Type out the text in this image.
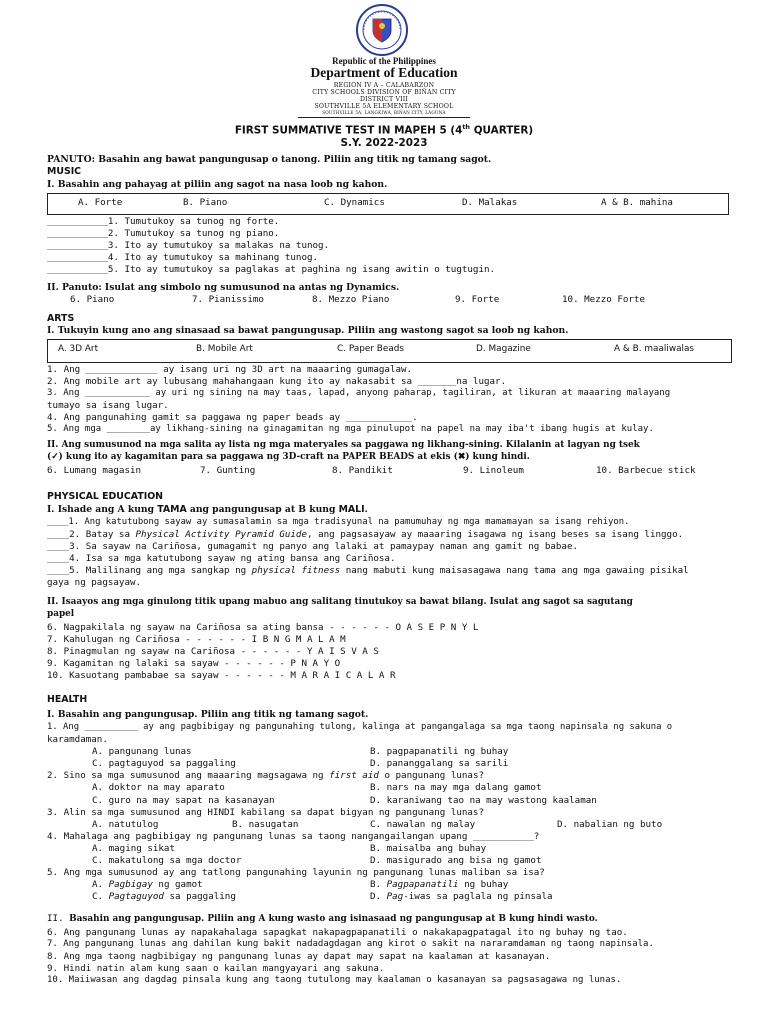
Republic of the Philippines
Department of Education
REGION IV A – CALABARZON
CITY SCHOOLS DIVISION OF BIÑAN CITY
DISTRICT VIII
SOUTHVILLE 5A ELEMENTARY SCHOOL
SOUTHVILLE 5A, LANGKIWA, BIÑAN CITY, LAGUNA
FIRST SUMMATIVE TEST IN MAPEH 5 (4th QUARTER)
S.Y. 2022-2023
PANUTO: Basahin ang bawat pangungusap o tanong. Piliin ang titik ng tamang sagot.
MUSIC
I. Basahin ang pahayag at piliin ang sagot na nasa loob ng kahon.
A. Forte	B. Piano	C. Dynamics	D. Malakas	A & B. mahina
___________1. Tumutukoy sa tunog ng forte.
___________2. Tumutukoy sa tunog ng piano.
___________3. Ito ay tumutukoy sa malakas na tunog.
___________4. Ito ay tumutukoy sa mahinang tunog.
___________5. Ito ay tumutukoy sa paglakas at paghina ng isang awitin o tugtugin.
II. Panuto: Isulat ang simbolo ng sumusunod na antas ng Dynamics.
6. Piano	7. Pianissimo	8. Mezzo Piano	9. Forte	10. Mezzo Forte
ARTS
I. Tukuyin kung ano ang sinasaad sa bawat pangungusap. Piliin ang wastong sagot sa loob ng kahon.
A. 3D Art	B. Mobile Art	C. Paper Beads	D. Magazine	A & B. maaliwalas
1. Ang _____________ ay isang uri ng 3D art na maaaring gumagalaw.
2. Ang mobile art ay lubusang mahahangaan kung ito ay nakasabit sa _______na lugar.
3. Ang ____________ ay uri ng sining na may taas, lapad, anyong paharap, tagiliran, at likuran at maaaring malayang
tumayo sa isang lugar.
4. Ang pangunahing gamit sa paggawa ng paper beads ay ____________.
5. Ang mga ________ay likhang-sining na ginagamitan ng mga pinulupot na papel na may iba't ibang hugis at kulay.
II. Ang sumusunod na mga salita ay lista ng mga materyales sa paggawa ng likhang-sining. Kilalanin at lagyan ng tsek
(✓) kung ito ay kagamitan para sa paggawa ng 3D-craft na PAPER BEADS at ekis (✖) kung hindi.
6. Lumang magasin	7. Gunting	8. Pandikit	9. Linoleum	10. Barbecue stick
PHYSICAL EDUCATION
I. Ishade ang A kung TAMA ang pangungusap at B kung MALI.
____1. Ang katutubong sayaw ay sumasalamin sa mga tradisyunal na pamumuhay ng mga mamamayan sa isang rehiyon.
____2. Batay sa Physical Activity Pyramid Guide, ang pagsasayaw ay maaaring isagawa ng isang beses sa isang linggo.
____3. Sa sayaw na Cariñosa, gumagamit ng panyo ang lalaki at pamaypay naman ang gamit ng babae.
____4. Isa sa mga katutubong sayaw ng ating bansa ang Cariñosa.
____5. Malilinang ang mga sangkap ng physical fitness nang mabuti kung maisasagawa nang tama ang mga gawaing pisikal
gaya ng pagsayaw.
II. Isaayos ang mga ginulong titik upang mabuo ang salitang tinutukoy sa bawat bilang. Isulat ang sagot sa sagutang
papel
6. Nagpakilala ng sayaw na Cariñosa sa ating bansa - - - - - - O A S E P N Y L
7. Kahulugan ng Cariñosa - - - - - - I B N G M A L A M
8. Pinagmulan ng sayaw na Cariñosa - - - - - - Y A I S V A S
9. Kagamitan ng lalaki sa sayaw - - - - - - P N A Y O
10. Kasuotang pambabae sa sayaw - - - - - - M A R A I C A L A R
HEALTH
I. Basahin ang pangungusap. Piliin ang titik ng tamang sagot.
1. Ang __________ ay ang pagbibigay ng pangunahing tulong, kalinga at pangangalaga sa mga taong napinsala ng sakuna o
karamdaman.
A. pangunang lunas	B. pagpapanatili ng buhay
C. pagtaguyod sa paggaling	D. pananggalang sa sarili
2. Sino sa mga sumusunod ang maaaring magsagawa ng first aid o pangunang lunas?
A. doktor na may aparato	B. nars na may mga dalang gamot
C. guro na may sapat na kasanayan	D. karaniwang tao na may wastong kaalaman
3. Alin sa mga sumusunod ang HINDI kabilang sa dapat bigyan ng pangunang lunas?
A. natutulog	B. nasugatan	C. nawalan ng malay	D. nabalian ng buto
4. Mahalaga ang pagbibigay ng pangunang lunas sa taong nangangailangan upang ___________?
A. maging sikat	B. maisalba ang buhay
C. makatulong sa mga doctor	D. masigurado ang bisa ng gamot
5. Ang mga sumusunod ay ang tatlong pangunahing layunin ng pangunang lunas maliban sa isa?
A. Pagbigay ng gamot	B. Pagpapanatili ng buhay
C. Pagtaguyod sa paggaling	D. Pag-iwas sa paglala ng pinsala
II. Basahin ang pangungusap. Piliin ang A kung wasto ang isinasaad ng pangungusap at B kung hindi wasto.
6. Ang pangunang lunas ay napakahalaga sapagkat nakapagpapanatili o nakakapagpatagal ito ng buhay ng tao.
7. Ang pangunang lunas ang dahilan kung bakit nadadagdagan ang kirot o sakit na nararamdaman ng taong napinsala.
8. Ang mga taong nagbibigay ng pangunang lunas ay dapat may sapat na kaalaman at kasanayan.
9. Hindi natin alam kung saan o kailan mangyayari ang sakuna.
10. Maiiwasan ang dagdag pinsala kung ang taong tutulong may kaalaman o kasanayan sa pagsasagawa ng lunas.
